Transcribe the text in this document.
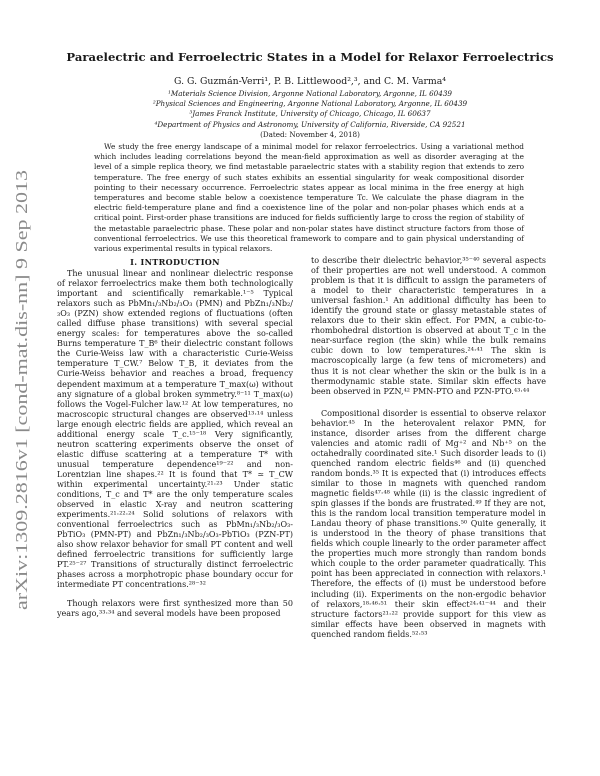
arXiv:1309.2816v1 [cond-mat.dis-nn] 9 Sep 2013
Paraelectric and Ferroelectric States in a Model for Relaxor Ferroelectrics
G. G. Guzmán-Verri¹, P. B. Littlewood²,³, and C. M. Varma⁴
¹Materials Science Division, Argonne National Laboratory, Argonne, IL 60439
²Physical Sciences and Engineering, Argonne National Laboratory, Argonne, IL 60439
³James Franck Institute, University of Chicago, Chicago, IL 60637
⁴Department of Physics and Astronomy, University of California, Riverside, CA 92521
(Dated: November 4, 2018)

We study the free energy landscape of a minimal model for relaxor ferroelectrics. Using a variational method which includes leading correlations beyond the mean-field approximation as well as disorder averaging at the level of a simple replica theory, we find metastable paraelectric states with a stability region that extends to zero temperature. The free energy of such states exhibits an essential singularity for weak compositional disorder pointing to their necessary occurrence. Ferroelectric states appear as local minima in the free energy at high temperatures and become stable below a coexistence temperature Tc. We calculate the phase diagram in the electric field-temperature plane and find a coexistence line of the polar and non-polar phases which ends at a critical point. First-order phase transitions are induced for fields sufficiently large to cross the region of stability of the metastable paraelectric phase. These polar and non-polar states have distinct structure factors from those of conventional ferroelectrics. We use this theoretical framework to compare and to gain physical understanding of various experimental results in typical relaxors.

I. INTRODUCTION

The unusual linear and nonlinear dielectric response of relaxor ferroelectrics make them both technologically important and scientifically remarkable.¹⁻⁵ Typical relaxors such as PbMn₁/₃Nb₂/₃O₃ (PMN) and PbZn₁/₃Nb₂/₃O₃ (PZN) show extended regions of fluctuations (often called diffuse phase transitions) with several special energy scales: for temperatures above the so-called Burns temperature T_B⁶ their dielectric constant follows the Curie-Weiss law with a characteristic Curie-Weiss temperature T_CW.⁷ Below T_B, it deviates from the Curie-Weiss behavior and reaches a broad, frequency dependent maximum at a temperature T_max(ω) without any signature of a global broken symmetry.⁸⁻¹¹ T_max(ω) follows the Vogel-Fulcher law.¹² At low temperatures, no macroscopic structural changes are observed¹³·¹⁴ unless large enough electric fields are applied, which reveal an additional energy scale T_c.¹⁵⁻¹⁸ Very significantly, neutron scattering experiments observe the onset of elastic diffuse scattering at a temperature T* with unusual temperature dependence¹⁹⁻²² and non-Lorentzian line shapes.²² It is found that T* ≃ T_CW within experimental uncertainty.²¹·²³ Under static conditions, T_c and T* are the only temperature scales observed in elastic X-ray and neutron scattering experiments.²¹·²²·²⁴ Solid solutions of relaxors with conventional ferroelectrics such as PbMn₁/₃Nb₂/₃O₃-PbTiO₃ (PMN-PT) and PbZn₁/₃Nb₂/₃O₃-PbTiO₃ (PZN-PT) also show relaxor behavior for small PT content and well defined ferroelectric transitions for sufficiently large PT.²⁵⁻²⁷ Transitions of structurally distinct ferroelectric phases across a morphotropic phase boundary occur for intermediate PT concentrations.²⁸⁻³²

Though relaxors were first synthesized more than 50 years ago,³³·³⁴ and several models have been proposed

to describe their dielectric behavior,³⁵⁻⁴⁰ several aspects of their properties are not well understood. A common problem is that it is difficult to assign the parameters of a model to their characteristic temperatures in a universal fashion.¹ An additional difficulty has been to identify the ground state or glassy metastable states of relaxors due to their skin effect. For PMN, a cubic-to-rhombohedral distortion is observed at about T_c in the near-surface region (the skin) while the bulk remains cubic down to low temperatures.²⁴·⁴¹ The skin is macroscopically large (a few tens of micrometers) and thus it is not clear whether the skin or the bulk is in a thermodynamic stable state. Similar skin effects have been observed in PZN,⁴² PMN-PTO and PZN-PTO.⁴³·⁴⁴

Compositional disorder is essential to observe relaxor behavior.⁴⁵ In the heterovalent relaxor PMN, for instance, disorder arises from the different charge valencies and atomic radii of Mg⁺² and Nb⁺⁵ on the octahedrally coordinated site.¹ Such disorder leads to (i) quenched random electric fields⁴⁶ and (ii) quenched random bonds.³⁵ It is expected that (i) introduces effects similar to those in magnets with quenched random magnetic fields⁴⁷·⁴⁸ while (ii) is the classic ingredient of spin glasses if the bonds are frustrated.⁴⁹ If they are not, this is the random local transition temperature model in Landau theory of phase transitions.⁵⁰ Quite generally, it is understood in the theory of phase transitions that fields which couple linearly to the order parameter affect the properties much more strongly than random bonds which couple to the order parameter quadratically. This point has been appreciated in connection with relaxors.¹ Therefore, the effects of (i) must be understood before including (ii). Experiments on the non-ergodic behavior of relaxors,¹⁸·⁴⁶·⁵¹ their skin effect²⁴·⁴¹⁻⁴⁴ and their structure factors²¹·²² provide support for this view as similar effects have been observed in magnets with quenched random fields.⁵²·⁵³
